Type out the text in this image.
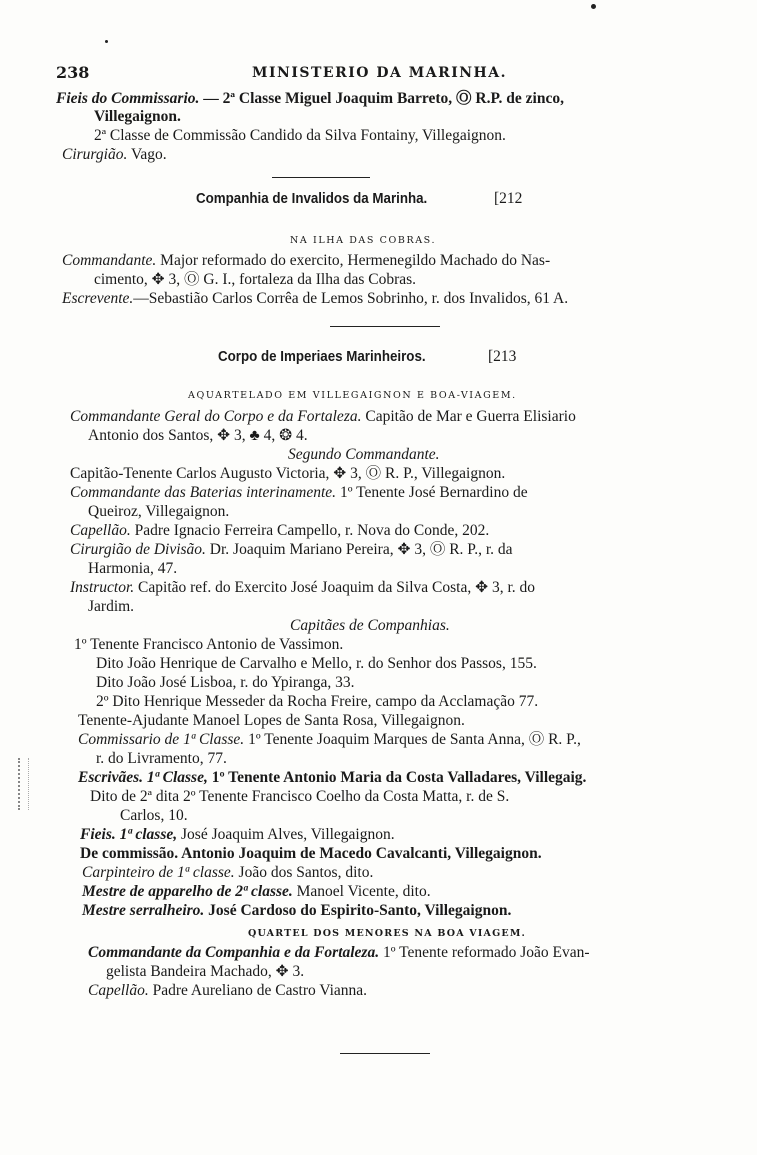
238	MINISTERIO DA MARINHA.
Fieis do Commissario. — 2ª Classe Miguel Joaquim Barreto, Ⓞ R.P. de zinco,
Villegaignon.
2ª Classe de Commissão Candido da Silva Fontainy, Villegaignon.
Cirurgião. Vago.
Companhia de Invalidos da Marinha.	[212
NA ILHA DAS COBRAS.
Commandante. Major reformado do exercito, Hermenegildo Machado do Nas-
cimento, ✥ 3, Ⓞ G. I., fortaleza da Ilha das Cobras.
Escrevente.—Sebastião Carlos Corrêa de Lemos Sobrinho, r. dos Invalidos, 61 A.
Corpo de Imperiaes Marinheiros.	[213
AQUARTELADO EM VILLEGAIGNON E BOA-VIAGEM.
Commandante Geral do Corpo e da Fortaleza. Capitão de Mar e Guerra Elisiario
Antonio dos Santos, ✥ 3, ♣ 4, ❂ 4.
Segundo Commandante.
Capitão-Tenente Carlos Augusto Victoria, ✥ 3, Ⓞ R. P., Villegaignon.
Commandante das Baterias interinamente. 1º Tenente José Bernardino de
Queiroz, Villegaignon.
Capellão. Padre Ignacio Ferreira Campello, r. Nova do Conde, 202.
Cirurgião de Divisão. Dr. Joaquim Mariano Pereira, ✥ 3, Ⓞ R. P., r. da
Harmonia, 47.
Instructor. Capitão ref. do Exercito José Joaquim da Silva Costa, ✥ 3, r. do
Jardim.
Capitães de Companhias.
1º Tenente Francisco Antonio de Vassimon.
Dito João Henrique de Carvalho e Mello, r. do Senhor dos Passos, 155.
Dito João José Lisboa, r. do Ypiranga, 33.
2º Dito Henrique Messeder da Rocha Freire, campo da Acclamação 77.
Tenente-Ajudante Manoel Lopes de Santa Rosa, Villegaignon.
Commissario de 1ª Classe. 1º Tenente Joaquim Marques de Santa Anna, Ⓞ R. P.,
r. do Livramento, 77.
Escrivães. 1ª Classe, 1º Tenente Antonio Maria da Costa Valladares, Villegaig.
Dito de 2ª dita 2º Tenente Francisco Coelho da Costa Matta, r. de S.
Carlos, 10.
Fieis. 1ª classe, José Joaquim Alves, Villegaignon.
De commissão. Antonio Joaquim de Macedo Cavalcanti, Villegaignon.
Carpinteiro de 1ª classe. João dos Santos, dito.
Mestre de apparelho de 2ª classe. Manoel Vicente, dito.
Mestre serralheiro. José Cardoso do Espirito-Santo, Villegaignon.
QUARTEL DOS MENORES NA BOA VIAGEM.
Commandante da Companhia e da Fortaleza. 1º Tenente reformado João Evan-
gelista Bandeira Machado, ✥ 3.
Capellão. Padre Aureliano de Castro Vianna.
